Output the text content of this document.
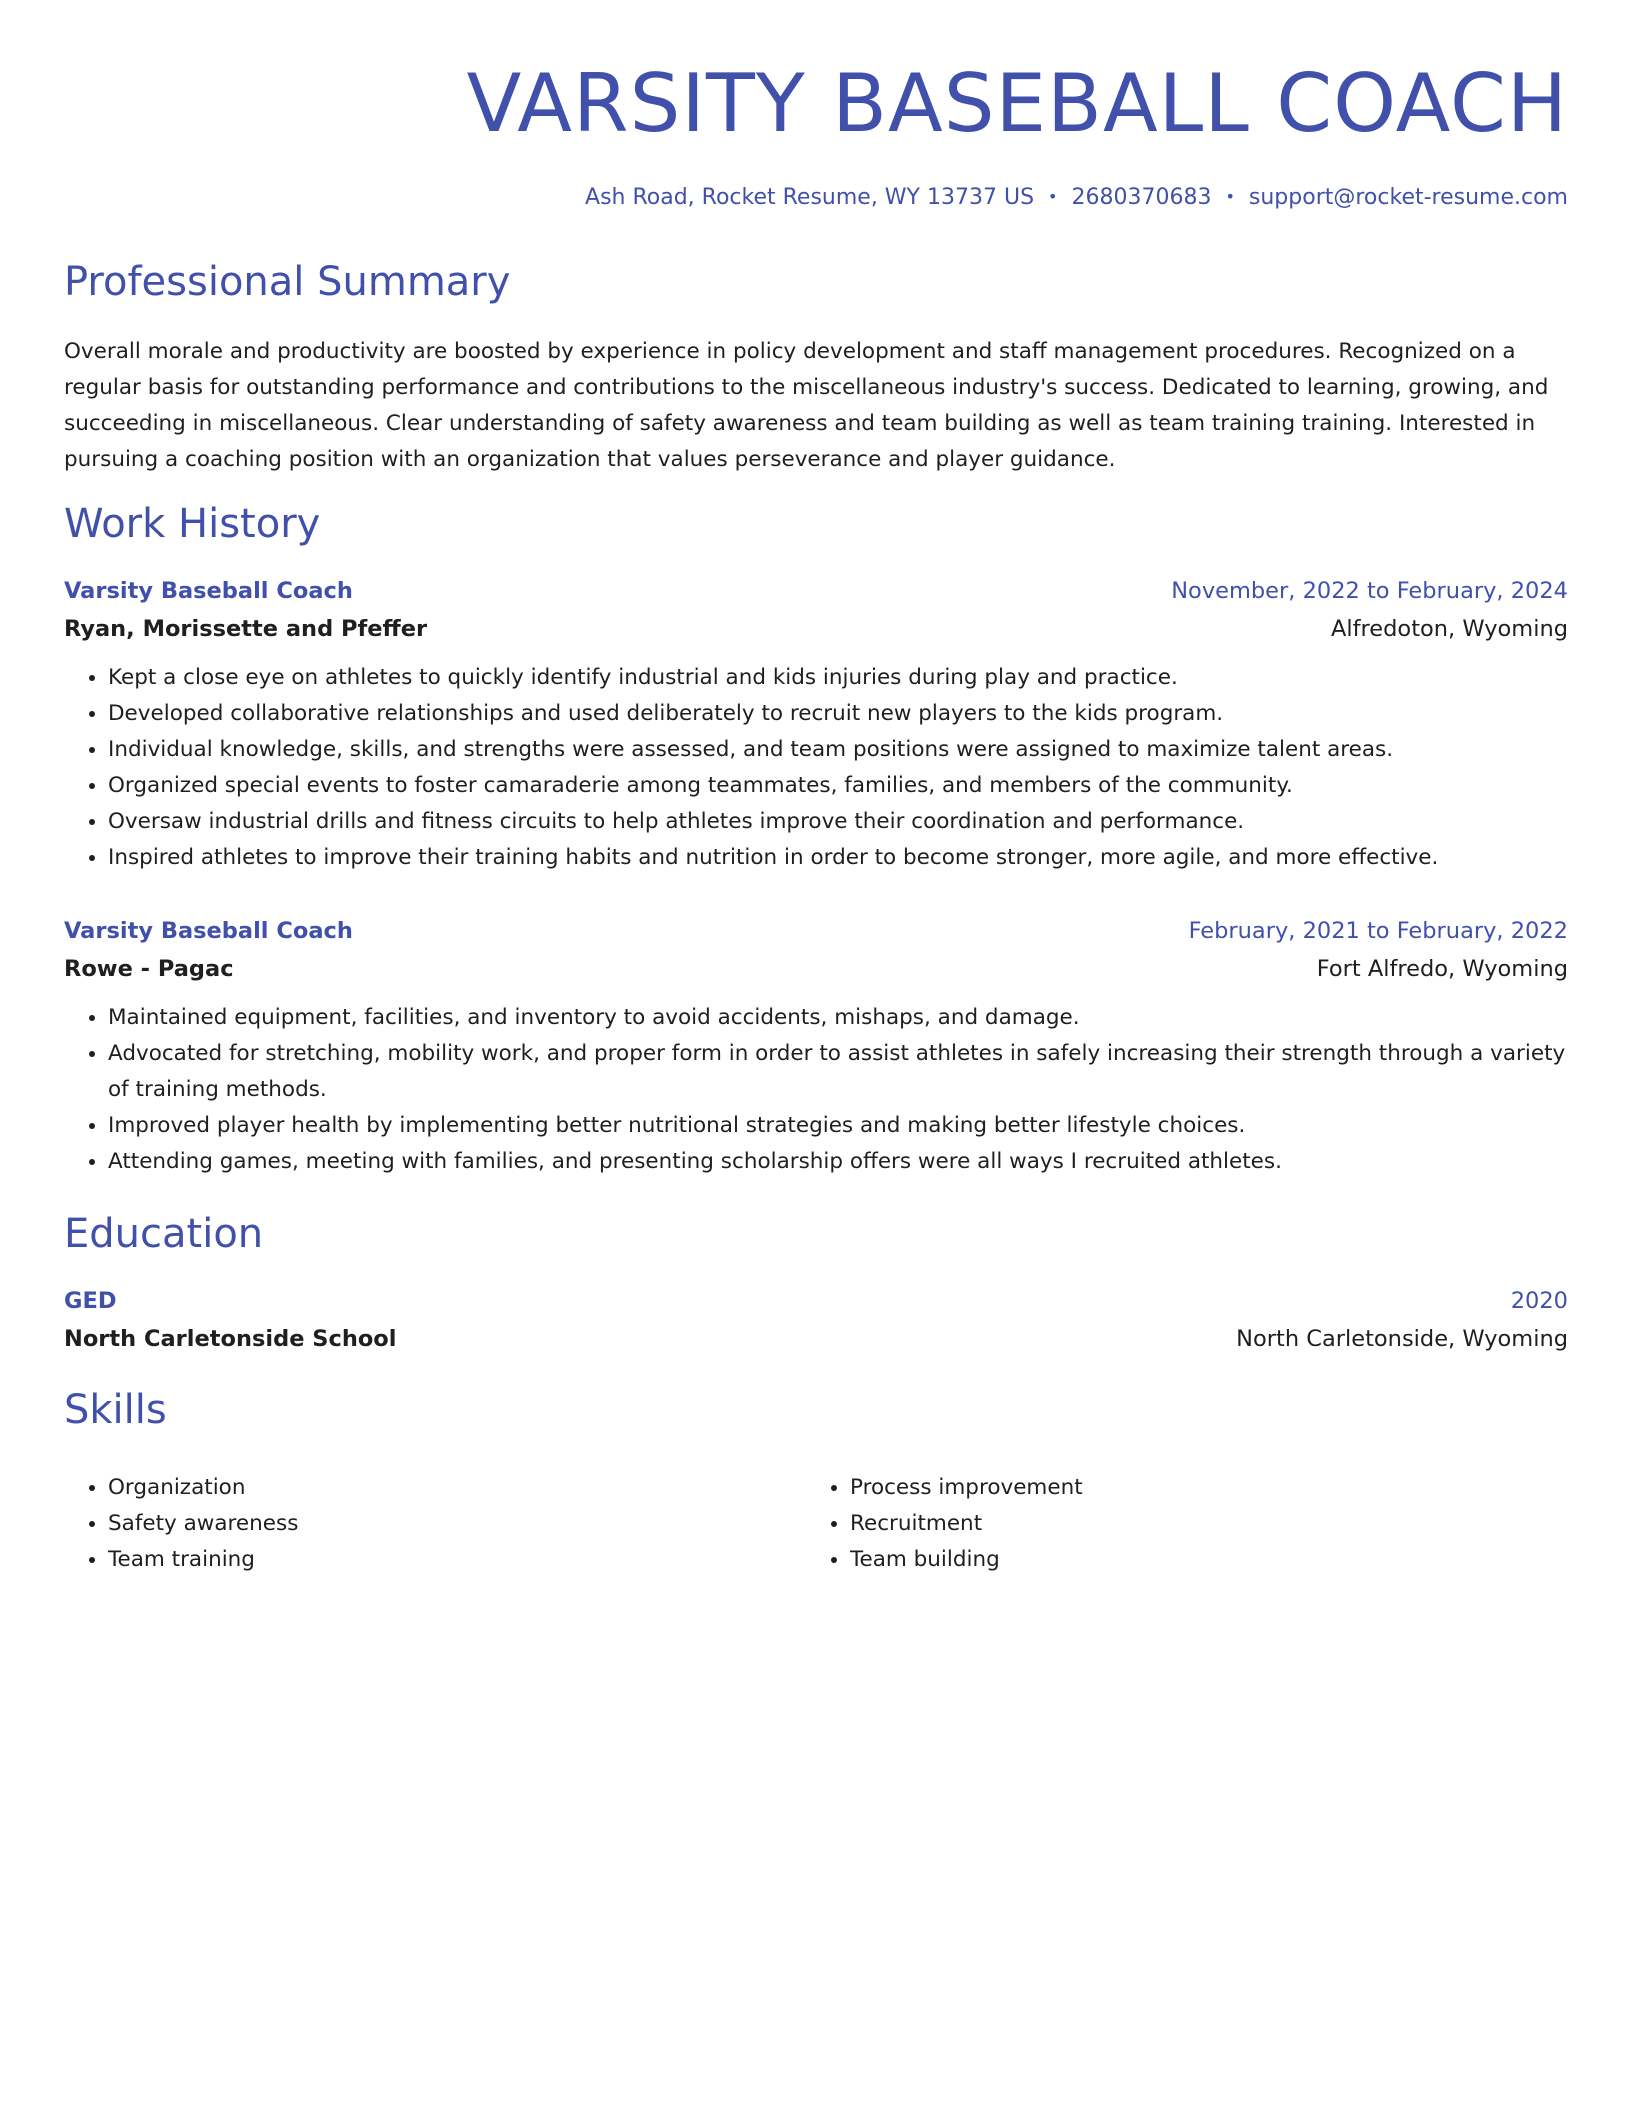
VARSITY BASEBALL COACH
Ash Road, Rocket Resume, WY 13737 US • 2680370683 • support@rocket-resume.com
Professional Summary

Overall morale and productivity are boosted by experience in policy development and staff management procedures. Recognized on a regular basis for outstanding performance and contributions to the miscellaneous industry's success. Dedicated to learning, growing, and succeeding in miscellaneous. Clear understanding of safety awareness and team building as well as team training training. Interested in pursuing a coaching position with an organization that values perseverance and player guidance.

Work History
Varsity Baseball Coach	November, 2022 to February, 2024
Ryan, Morissette and Pfeffer	Alfredoton, Wyoming
• Kept a close eye on athletes to quickly identify industrial and kids injuries during play and practice.
• Developed collaborative relationships and used deliberately to recruit new players to the kids program.
• Individual knowledge, skills, and strengths were assessed, and team positions were assigned to maximize talent areas.
• Organized special events to foster camaraderie among teammates, families, and members of the community.
• Oversaw industrial drills and fitness circuits to help athletes improve their coordination and performance.
• Inspired athletes to improve their training habits and nutrition in order to become stronger, more agile, and more effective.
Varsity Baseball Coach	February, 2021 to February, 2022
Rowe - Pagac	Fort Alfredo, Wyoming
• Maintained equipment, facilities, and inventory to avoid accidents, mishaps, and damage.
• Advocated for stretching, mobility work, and proper form in order to assist athletes in safely increasing their strength through a variety of training methods.
• Improved player health by implementing better nutritional strategies and making better lifestyle choices.
• Attending games, meeting with families, and presenting scholarship offers were all ways I recruited athletes.
Education
GED	2020
North Carletonside School	North Carletonside, Wyoming
Skills
• Organization
• Safety awareness
• Team training
• Process improvement
• Recruitment
• Team building
